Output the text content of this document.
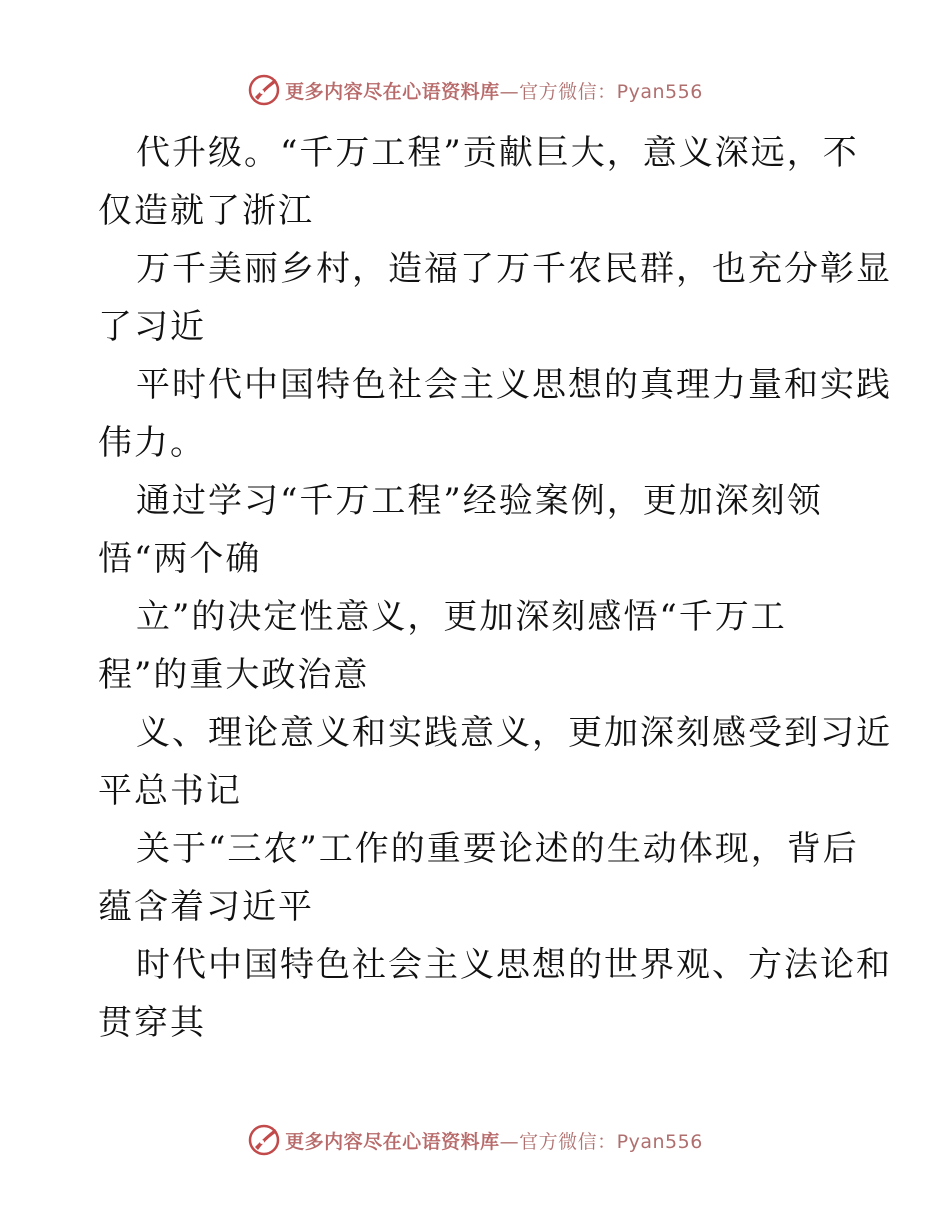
更多内容尽在心语资料库—官方微信：Pyan556

代升级。“千万工程”贡献巨大，意义深远，不
仅造就了浙江

万千美丽乡村，造福了万千农民群，也充分彰显
了习近

平时代中国特色社会主义思想的真理力量和实践
伟力。

通过学习“千万工程”经验案例，更加深刻领
悟“两个确

立”的决定性意义，更加深刻感悟“千万工
程”的重大政治意

义、理论意义和实践意义，更加深刻感受到习近
平总书记

关于“三农”工作的重要论述的生动体现，背后
蕴含着习近平

时代中国特色社会主义思想的世界观、方法论和
贯穿其

更多内容尽在心语资料库—官方微信：Pyan556
